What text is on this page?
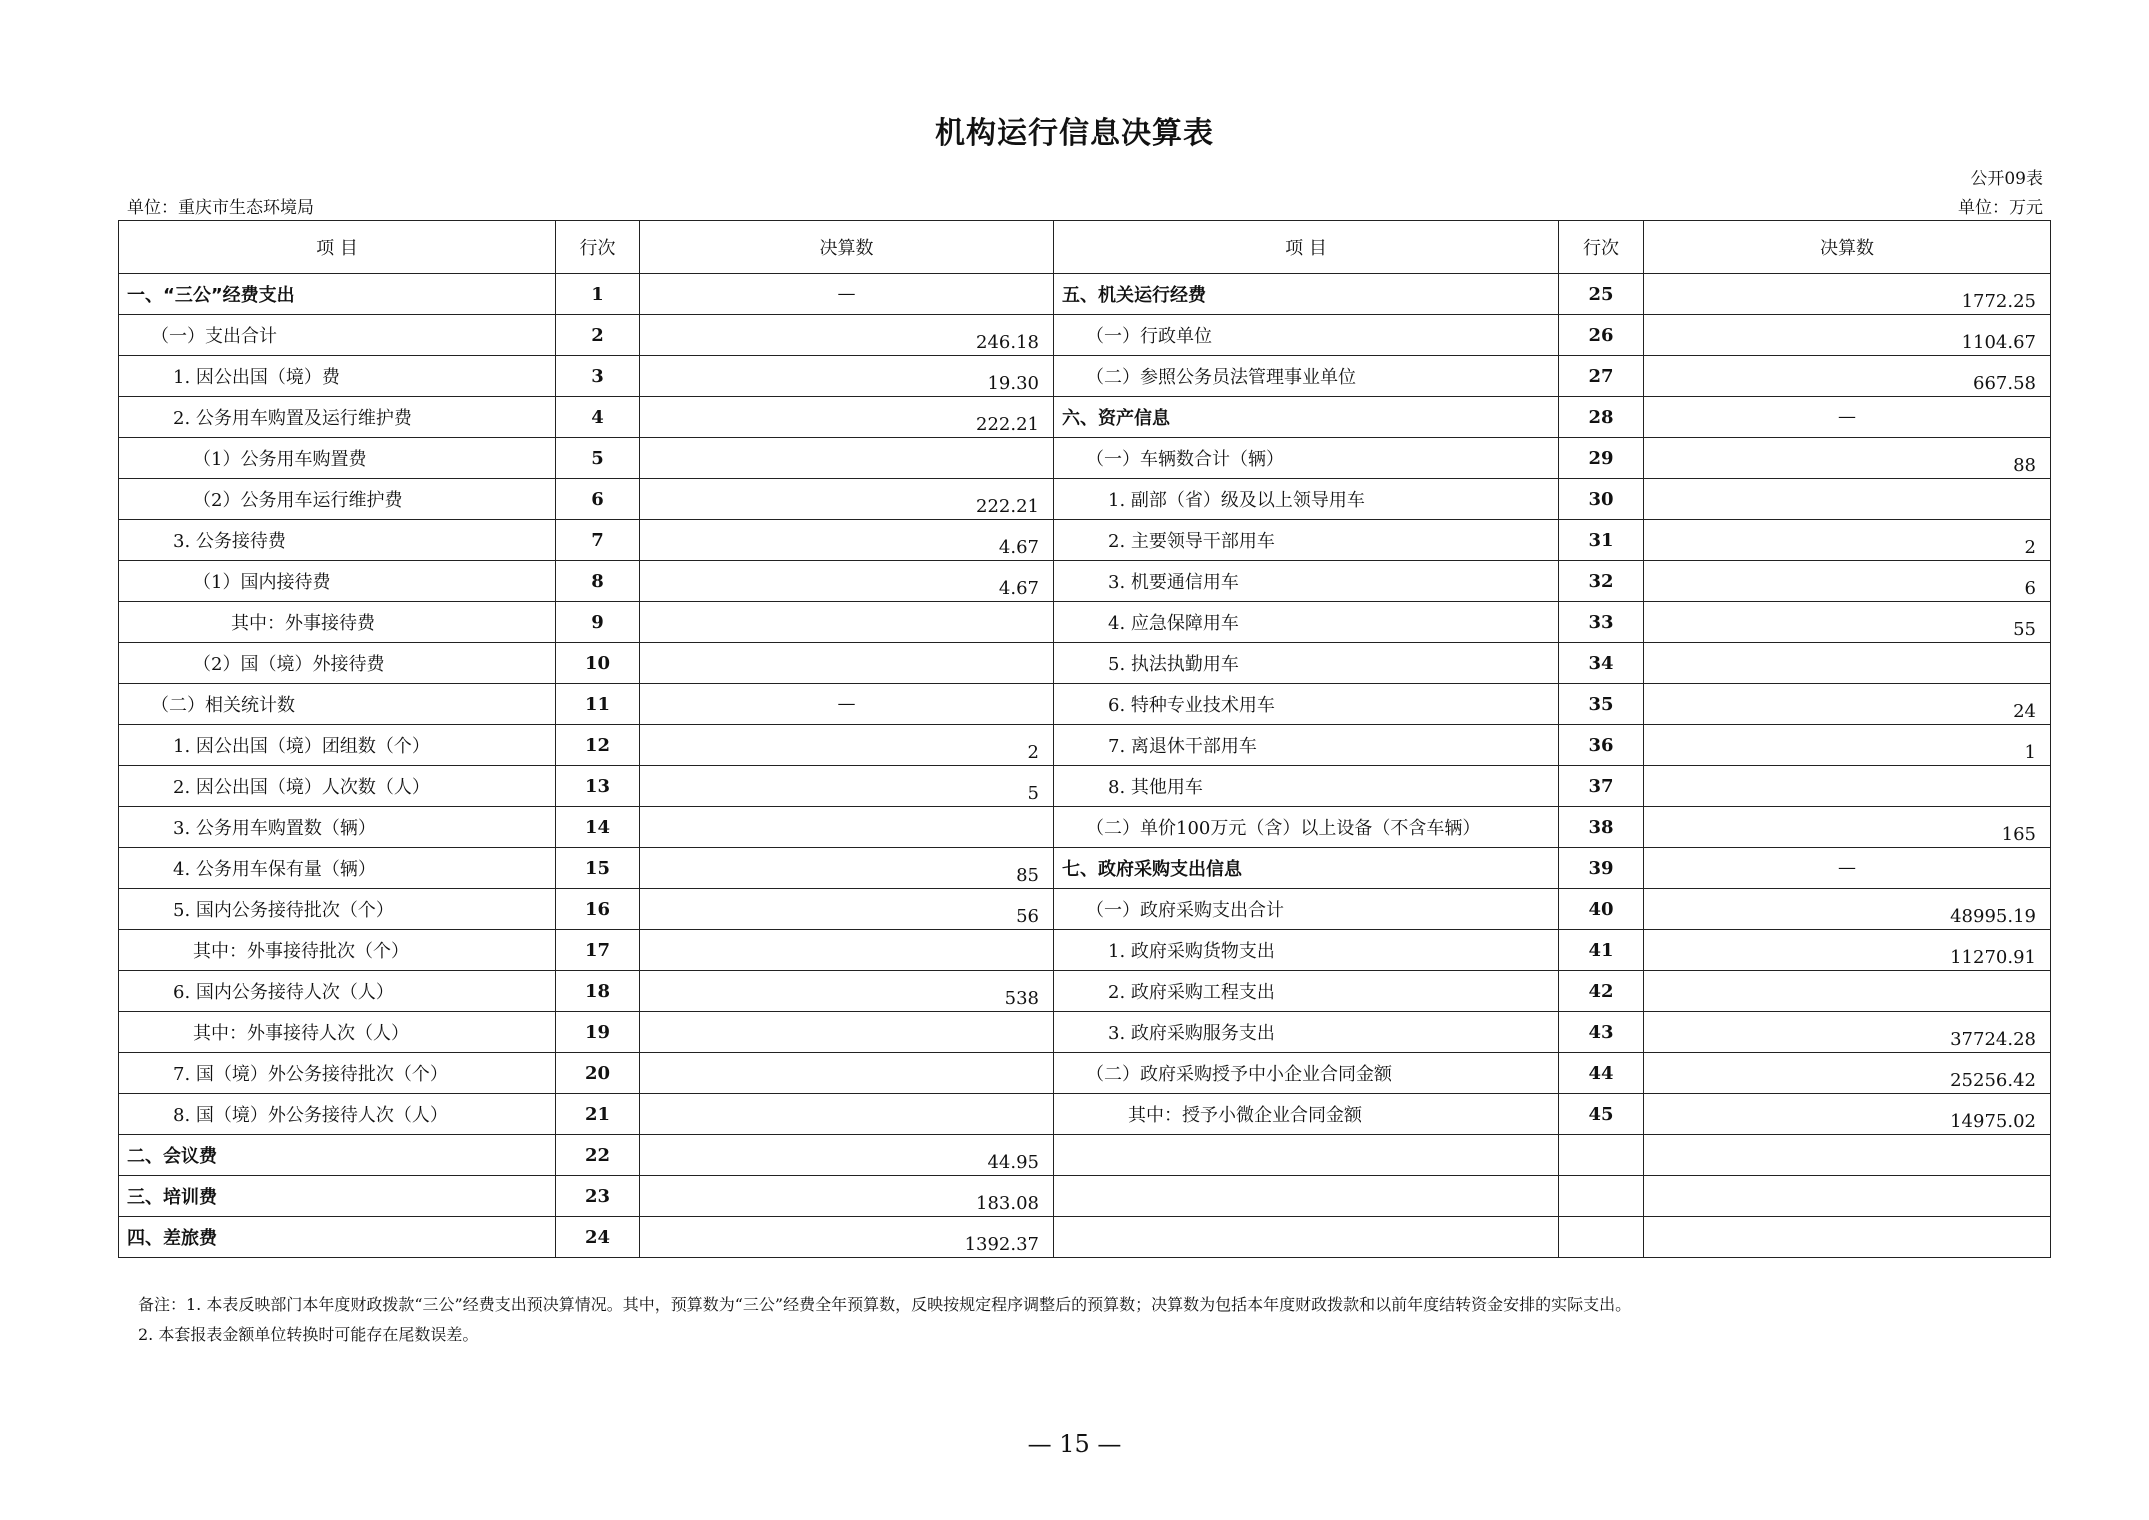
机构运行信息决算表
公开09表
单位：重庆市生态环境局	单位：万元
项 目	行次	决算数	项 目	行次	决算数
一、“三公”经费支出	1	—	五、机关运行经费	25	1772.25
（一）支出合计	2	246.18	（一）行政单位	26	1104.67
1. 因公出国（境）费	3	19.30	（二）参照公务员法管理事业单位	27	667.58
2. 公务用车购置及运行维护费	4	222.21	六、资产信息	28	—
（1）公务用车购置费	5		（一）车辆数合计（辆）	29	88
（2）公务用车运行维护费	6	222.21	1. 副部（省）级及以上领导用车	30	
3. 公务接待费	7	4.67	2. 主要领导干部用车	31	2
（1）国内接待费	8	4.67	3. 机要通信用车	32	6
其中：外事接待费	9		4. 应急保障用车	33	55
（2）国（境）外接待费	10		5. 执法执勤用车	34	
（二）相关统计数	11	—	6. 特种专业技术用车	35	24
1. 因公出国（境）团组数（个）	12	2	7. 离退休干部用车	36	1
2. 因公出国（境）人次数（人）	13	5	8. 其他用车	37	
3. 公务用车购置数（辆）	14		（二）单价100万元（含）以上设备（不含车辆）	38	165
4. 公务用车保有量（辆）	15	85	七、政府采购支出信息	39	—
5. 国内公务接待批次（个）	16	56	（一）政府采购支出合计	40	48995.19
其中：外事接待批次（个）	17		1. 政府采购货物支出	41	11270.91
6. 国内公务接待人次（人）	18	538	2. 政府采购工程支出	42	
其中：外事接待人次（人）	19		3. 政府采购服务支出	43	37724.28
7. 国（境）外公务接待批次（个）	20		（二）政府采购授予中小企业合同金额	44	25256.42
8. 国（境）外公务接待人次（人）	21		其中：授予小微企业合同金额	45	14975.02
二、会议费	22	44.95			
三、培训费	23	183.08			
四、差旅费	24	1392.37			
备注：1. 本表反映部门本年度财政拨款“三公”经费支出预决算情况。其中，预算数为“三公”经费全年预算数，反映按规定程序调整后的预算数；决算数为包括本年度财政拨款和以前年度结转资金安排的实际支出。
2. 本套报表金额单位转换时可能存在尾数误差。
— 15 —
